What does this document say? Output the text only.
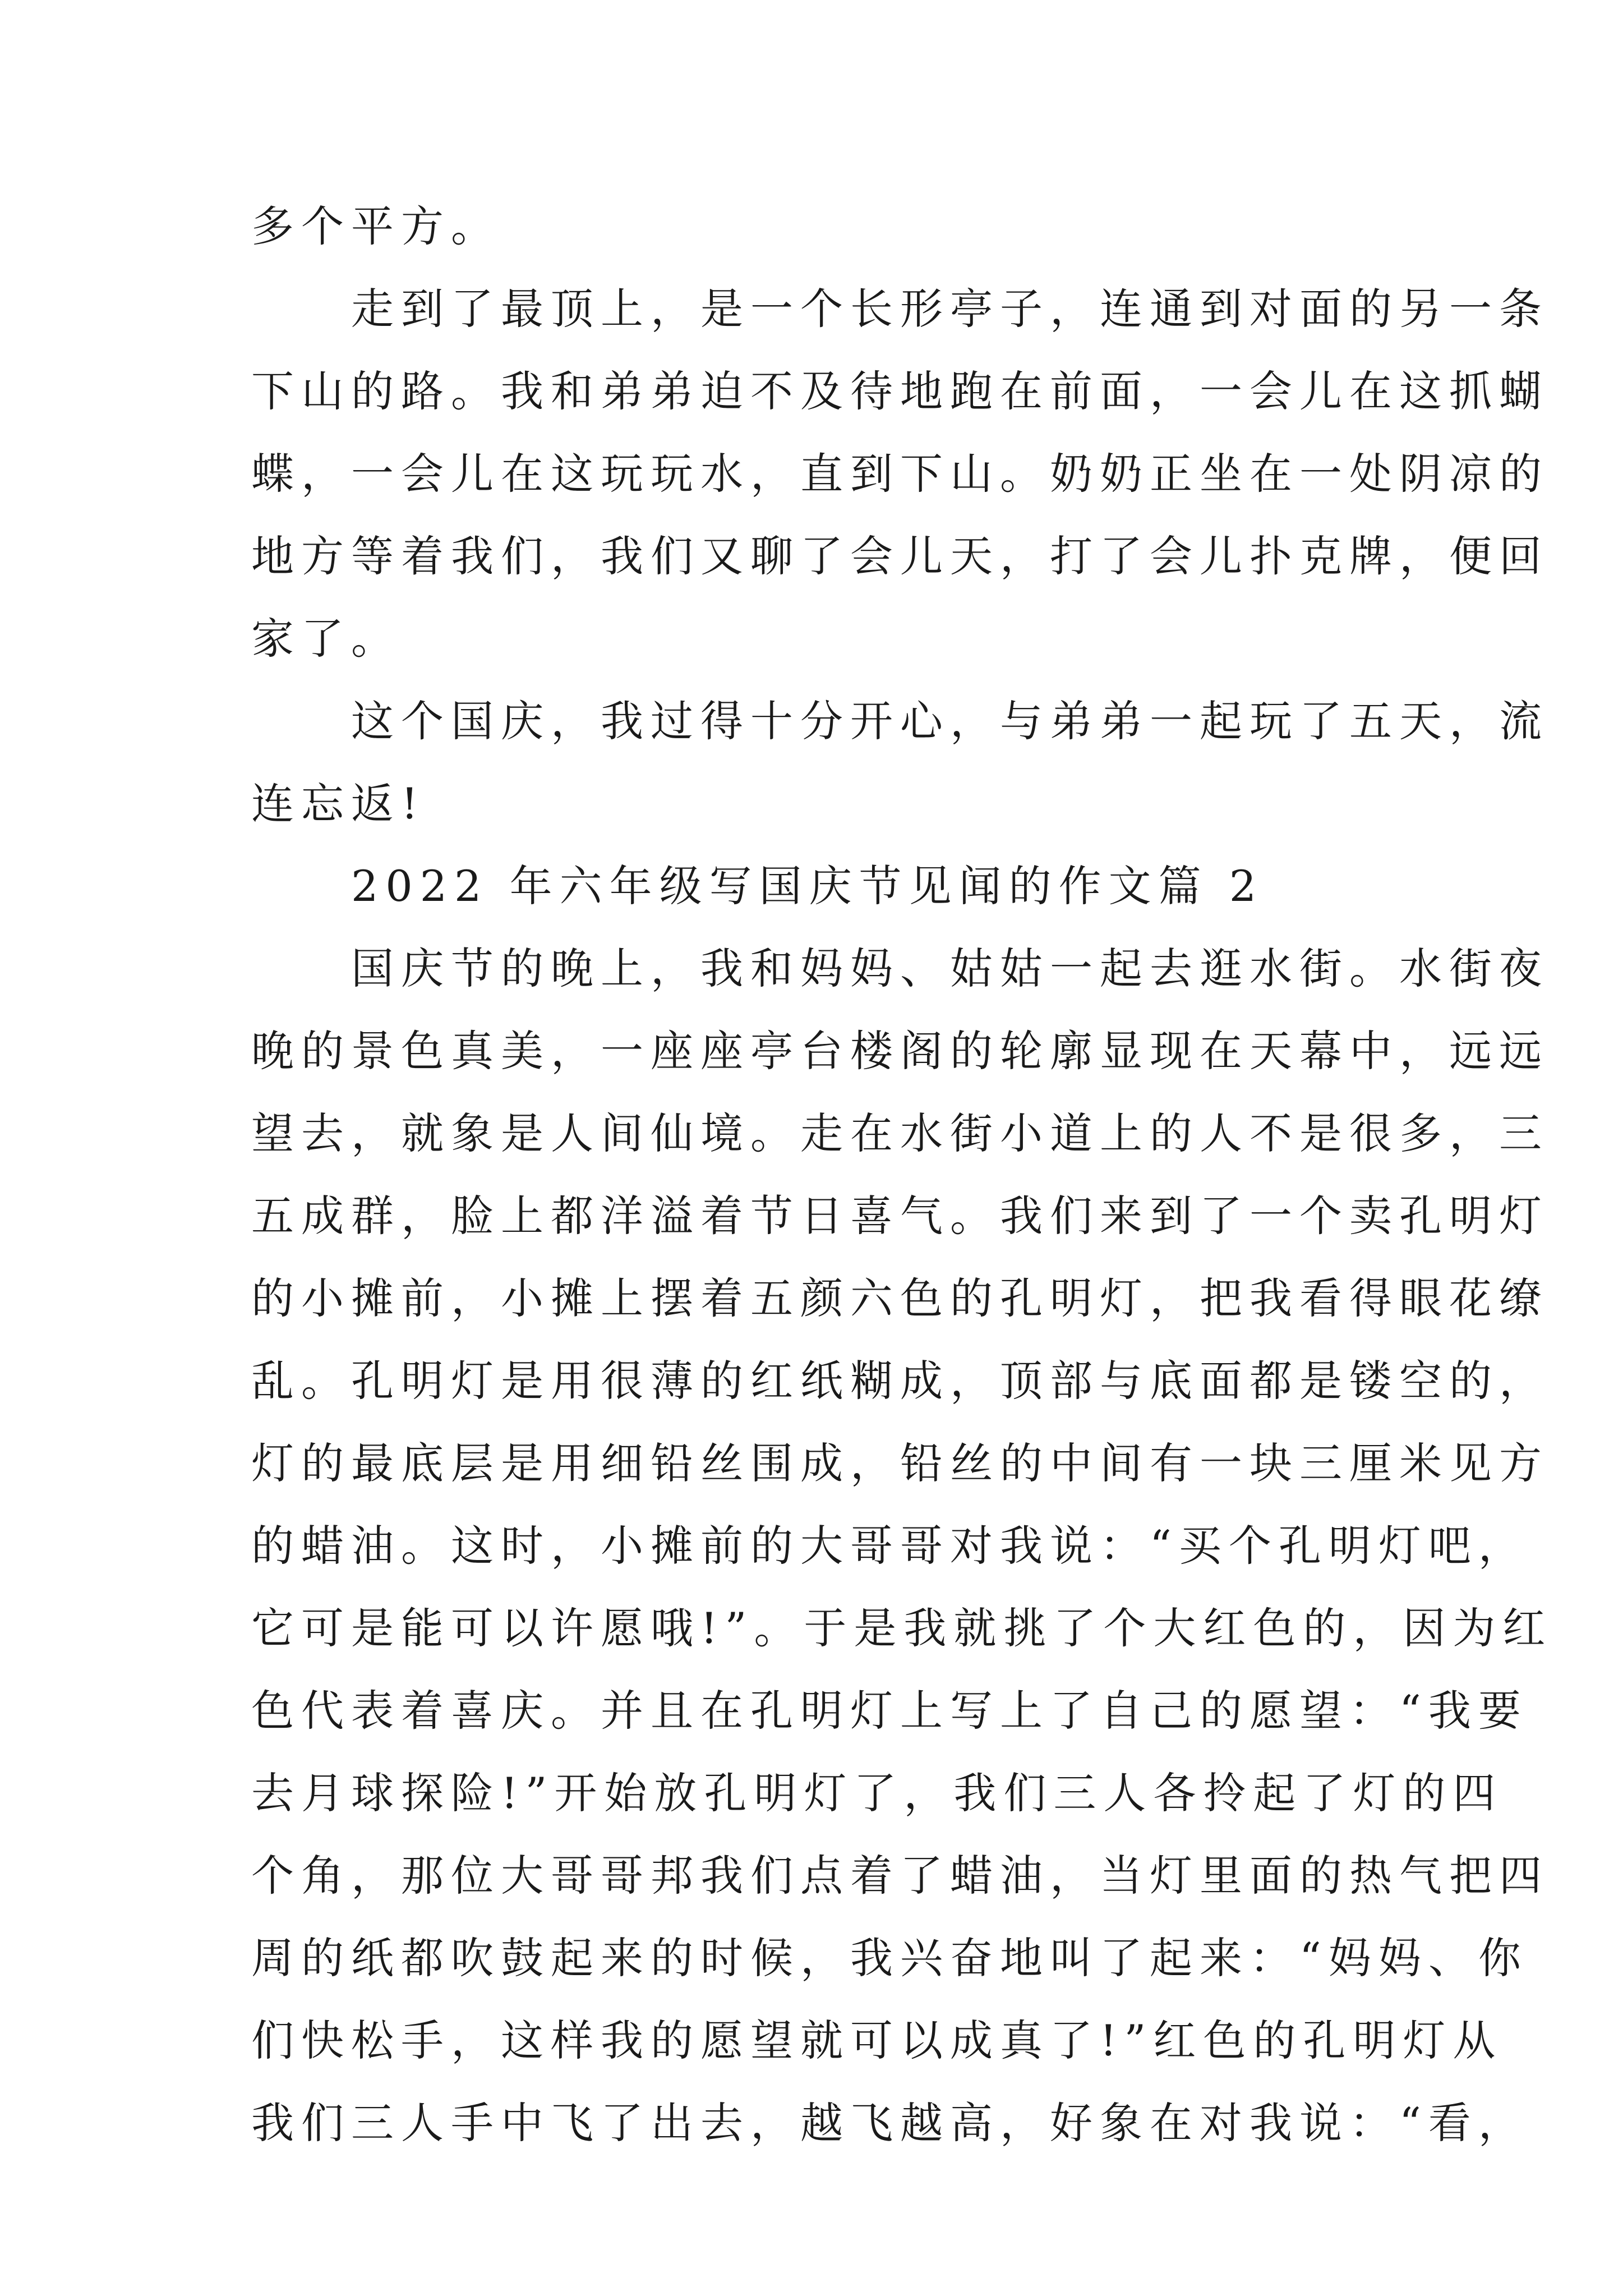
多个平方。
　　走到了最顶上，是一个长形亭子，连通到对面的另一条
下山的路。我和弟弟迫不及待地跑在前面，一会儿在这抓蝴
蝶，一会儿在这玩玩水，直到下山。奶奶正坐在一处阴凉的
地方等着我们，我们又聊了会儿天，打了会儿扑克牌，便回
家了。
　　这个国庆，我过得十分开心，与弟弟一起玩了五天，流
连忘返!
　　2022 年六年级写国庆节见闻的作文篇 2
　　国庆节的晚上，我和妈妈、姑姑一起去逛水街。水街夜
晚的景色真美，一座座亭台楼阁的轮廓显现在天幕中，远远
望去，就象是人间仙境。走在水街小道上的人不是很多，三
五成群，脸上都洋溢着节日喜气。我们来到了一个卖孔明灯
的小摊前，小摊上摆着五颜六色的孔明灯，把我看得眼花缭
乱。孔明灯是用很薄的红纸糊成，顶部与底面都是镂空的，
灯的最底层是用细铅丝围成，铅丝的中间有一块三厘米见方
的蜡油。这时，小摊前的大哥哥对我说：“买个孔明灯吧，
它可是能可以许愿哦!”。于是我就挑了个大红色的，因为红
色代表着喜庆。并且在孔明灯上写上了自己的愿望：“我要
去月球探险!”开始放孔明灯了，我们三人各拎起了灯的四
个角，那位大哥哥邦我们点着了蜡油，当灯里面的热气把四
周的纸都吹鼓起来的时候，我兴奋地叫了起来：“妈妈、你
们快松手，这样我的愿望就可以成真了!”红色的孔明灯从
我们三人手中飞了出去，越飞越高，好象在对我说：“看，
